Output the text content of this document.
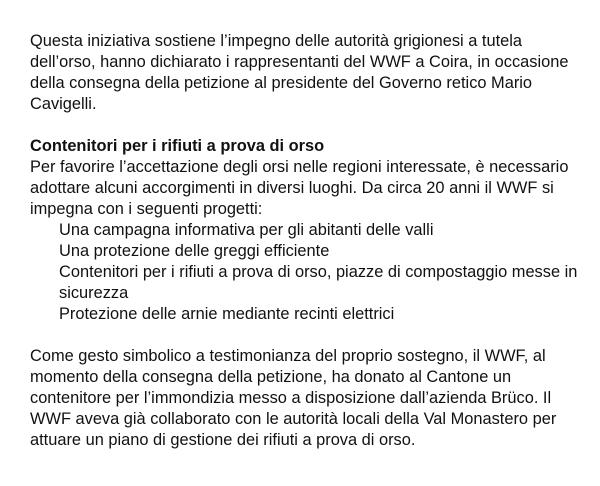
Questa iniziativa sostiene l’impegno delle autorità grigionesi a tutela dell’orso, hanno dichiarato i rappresentanti del WWF a Coira, in occasione della consegna della petizione al presidente del Governo retico Mario Cavigelli.

Contenitori per i rifiuti a prova di orso

Per favorire l’accettazione degli orsi nelle regioni interessate, è necessario adottare alcuni accorgimenti in diversi luoghi. Da circa 20 anni il WWF si impegna con i seguenti progetti:

Una campagna informativa per gli abitanti delle valli
Una protezione delle greggi efficiente
Contenitori per i rifiuti a prova di orso, piazze di compostaggio messe in sicurezza
Protezione delle arnie mediante recinti elettrici

Come gesto simbolico a testimonianza del proprio sostegno, il WWF, al momento della consegna della petizione, ha donato al Cantone un contenitore per l’immondizia messo a disposizione dall’azienda Brüco. Il WWF aveva già collaborato con le autorità locali della Val Monastero per attuare un piano di gestione dei rifiuti a prova di orso.
